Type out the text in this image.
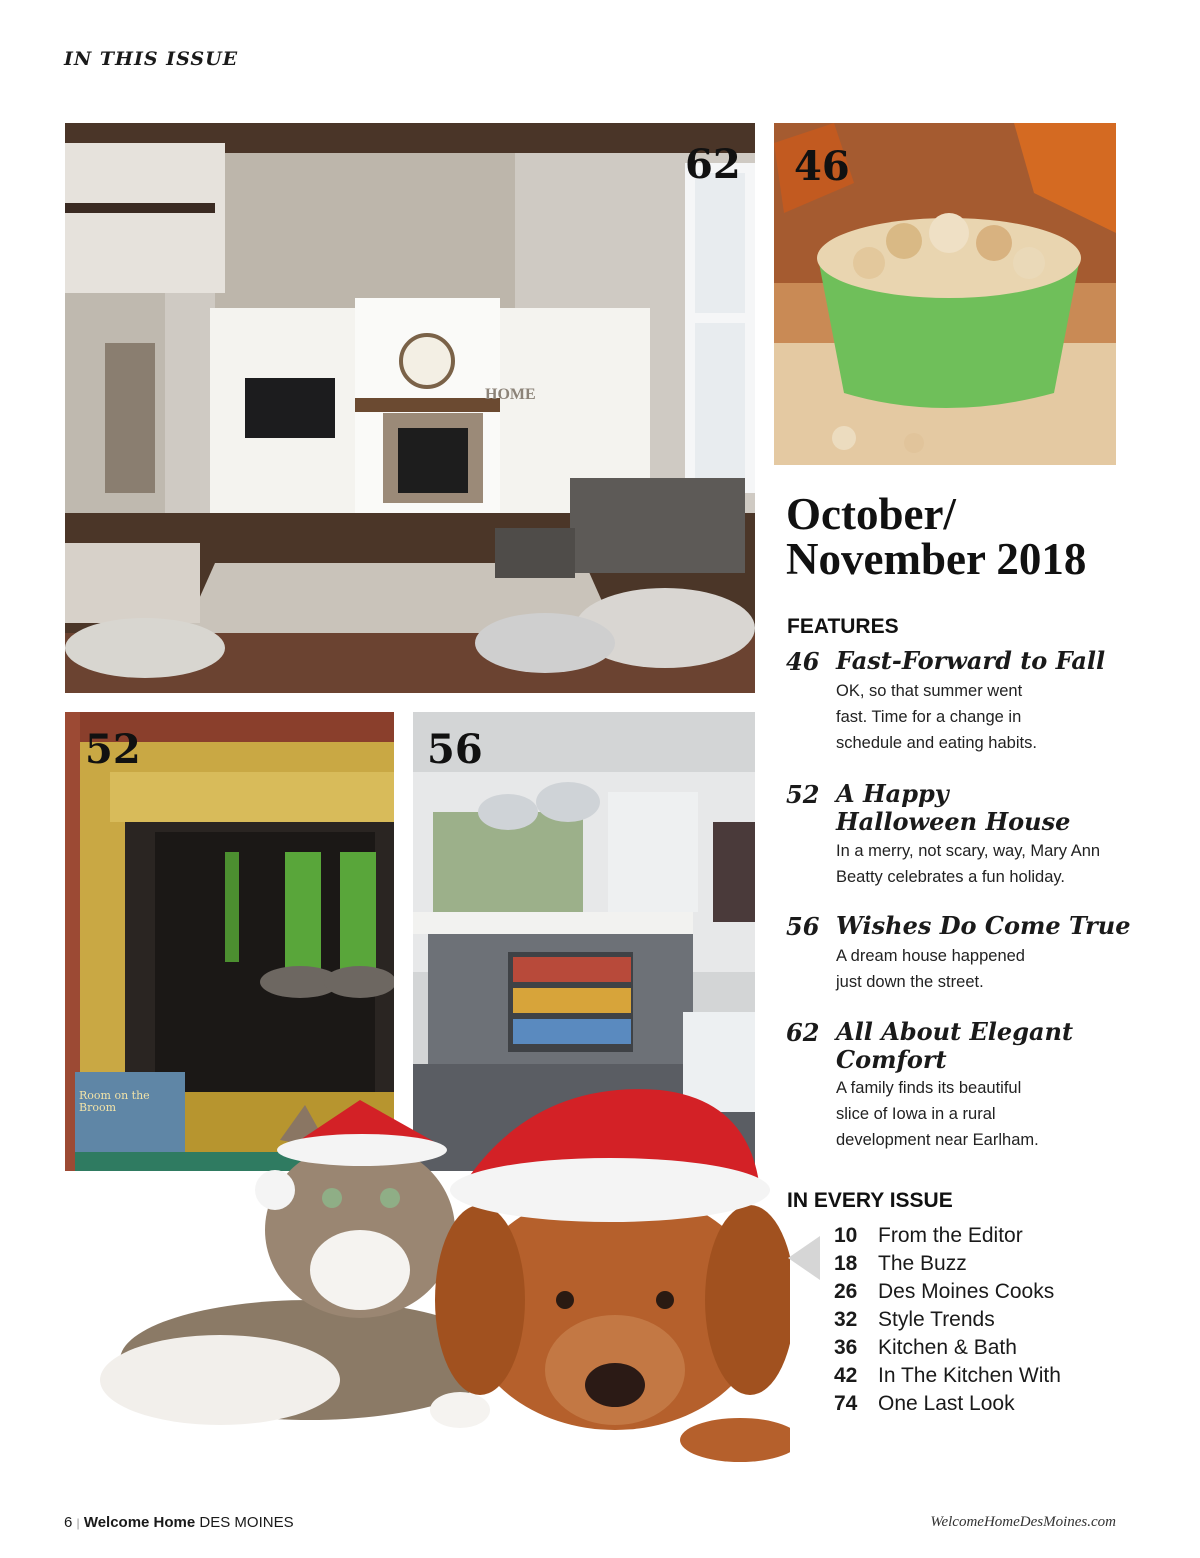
IN THIS ISSUE
HOME
62 46
52
Room on the Broom
56
October/
November 2018
FEATURES
46 Fast-Forward to Fall
OK, so that summer went
fast. Time for a change in
schedule and eating habits.
52 A Happy
Halloween House
In a merry, not scary, way, Mary Ann
Beatty celebrates a fun holiday.
56 Wishes Do Come True
A dream house happened
just down the street.
62 All About Elegant
Comfort
A family finds its beautiful
slice of Iowa in a rural
development near Earlham.
IN EVERY ISSUE
10 From the Editor
18 The Buzz
26 Des Moines Cooks
32 Style Trends
36 Kitchen & Bath
42 In The Kitchen With
74 One Last Look
6 | Welcome Home DES MOINES	WelcomeHomeDesMoines.com
